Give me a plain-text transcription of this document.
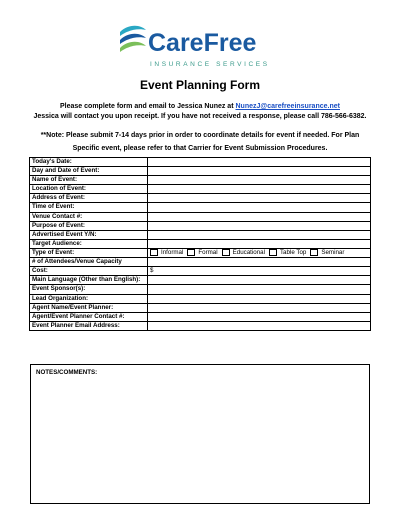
CareFree
INSURANCE SERVICES
Event Planning Form
Please complete form and email to Jessica Nunez at NunezJ@carefreeinsurance.net
Jessica will contact you upon receipt. If you have not received a response, please call 786-566-6382.
**Note: Please submit 7-14 days prior in order to coordinate details for event if needed. For Plan Specific event, please refer to that Carrier for Event Submission Procedures.
Today's Date:	
Day and Date of Event:	
Name of Event:	
Location of Event:	
Address of Event:	
Time of Event:	
Venue Contact #:	
Purpose of Event:	
Advertised Event Y/N:	
Target Audience:	
Type of Event:	Informal Formal Educational Table Top Seminar
# of Attendees/Venue Capacity	
Cost:	$
Main Language (Other than English):	
Event Sponsor(s):	
Lead Organization:	
Agent Name/Event Planner:	
Agent/Event Planner Contact #:	
Event Planner Email Address:	
NOTES/COMMENTS:
